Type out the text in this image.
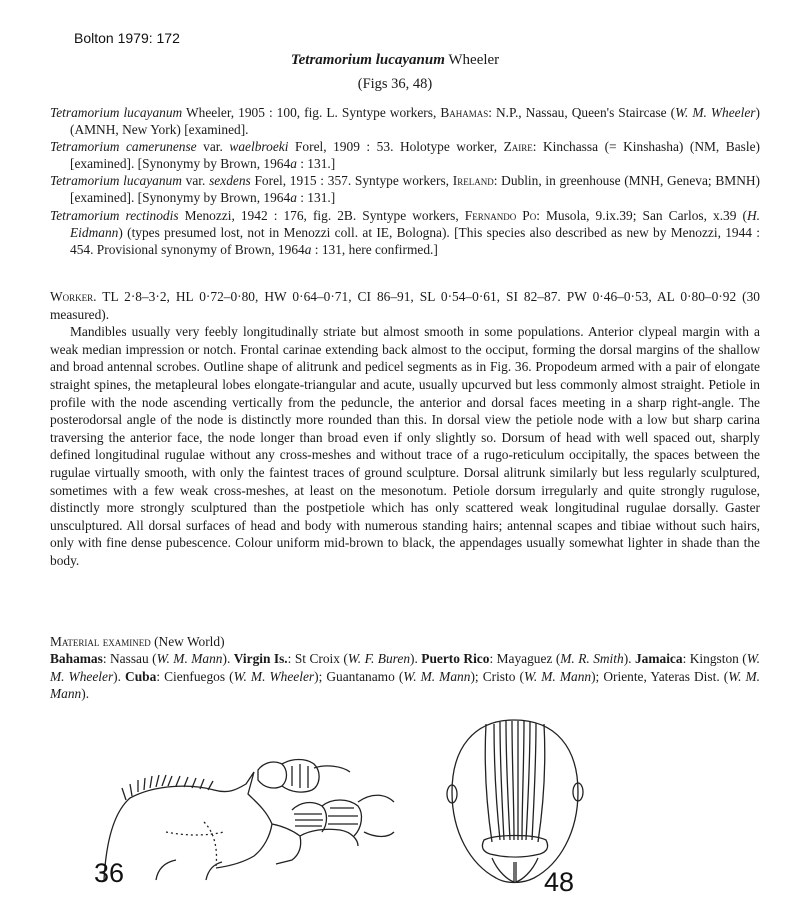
Bolton 1979: 172
Tetramorium lucayanum Wheeler
(Figs 36, 48)

Tetramorium lucayanum Wheeler, 1905 : 100, fig. L. Syntype workers, Bahamas: N.P., Nassau, Queen's Staircase (W. M. Wheeler) (AMNH, New York) [examined].

Tetramorium camerunense var. waelbroeki Forel, 1909 : 53. Holotype worker, Zaire: Kinchassa (= Kinshasha) (NM, Basle) [examined]. [Synonymy by Brown, 1964a : 131.]

Tetramorium lucayanum var. sexdens Forel, 1915 : 357. Syntype workers, Ireland: Dublin, in greenhouse (MNH, Geneva; BMNH) [examined]. [Synonymy by Brown, 1964a : 131.]

Tetramorium rectinodis Menozzi, 1942 : 176, fig. 2B. Syntype workers, Fernando Po: Musola, 9.ix.39; San Carlos, x.39 (H. Eidmann) (types presumed lost, not in Menozzi coll. at IE, Bologna). [This species also described as new by Menozzi, 1944 : 454. Provisional synonymy of Brown, 1964a : 131, here confirmed.]

Worker. TL 2·8–3·2, HL 0·72–0·80, HW 0·64–0·71, CI 86–91, SL 0·54–0·61, SI 82–87. PW 0·46–0·53, AL 0·80–0·92 (30 measured).

Mandibles usually very feebly longitudinally striate but almost smooth in some populations. Anterior clypeal margin with a weak median impression or notch. Frontal carinae extending back almost to the occiput, forming the dorsal margins of the shallow and broad antennal scrobes. Outline shape of alitrunk and pedicel segments as in Fig. 36. Propodeum armed with a pair of elongate straight spines, the metapleural lobes elongate-triangular and acute, usually upcurved but less commonly almost straight. Petiole in profile with the node ascending vertically from the peduncle, the anterior and dorsal faces meeting in a sharp right-angle. The posterodorsal angle of the node is distinctly more rounded than this. In dorsal view the petiole node with a low but sharp carina traversing the anterior face, the node longer than broad even if only slightly so. Dorsum of head with well spaced out, sharply defined longitudinal rugulae without any cross-meshes and without trace of a rugo-reticulum occipitally, the spaces between the rugulae virtually smooth, with only the faintest traces of ground sculpture. Dorsal alitrunk similarly but less regularly sculptured, sometimes with a few weak cross-meshes, at least on the mesonotum. Petiole dorsum irregularly and quite strongly rugulose, distinctly more strongly sculptured than the postpetiole which has only scattered weak longitudinal rugulae dorsally. Gaster unsculptured. All dorsal surfaces of head and body with numerous standing hairs; antennal scapes and tibiae without such hairs, only with fine dense pubescence. Colour uniform mid-brown to black, the appendages usually somewhat lighter in shade than the body.

Material examined (New World)

Bahamas: Nassau (W. M. Mann). Virgin Is.: St Croix (W. F. Buren). Puerto Rico: Mayaguez (M. R. Smith). Jamaica: Kingston (W. M. Wheeler). Cuba: Cienfuegos (W. M. Wheeler); Guantanamo (W. M. Mann); Cristo (W. M. Mann); Oriente, Yateras Dist. (W. M. Mann).

36	48
